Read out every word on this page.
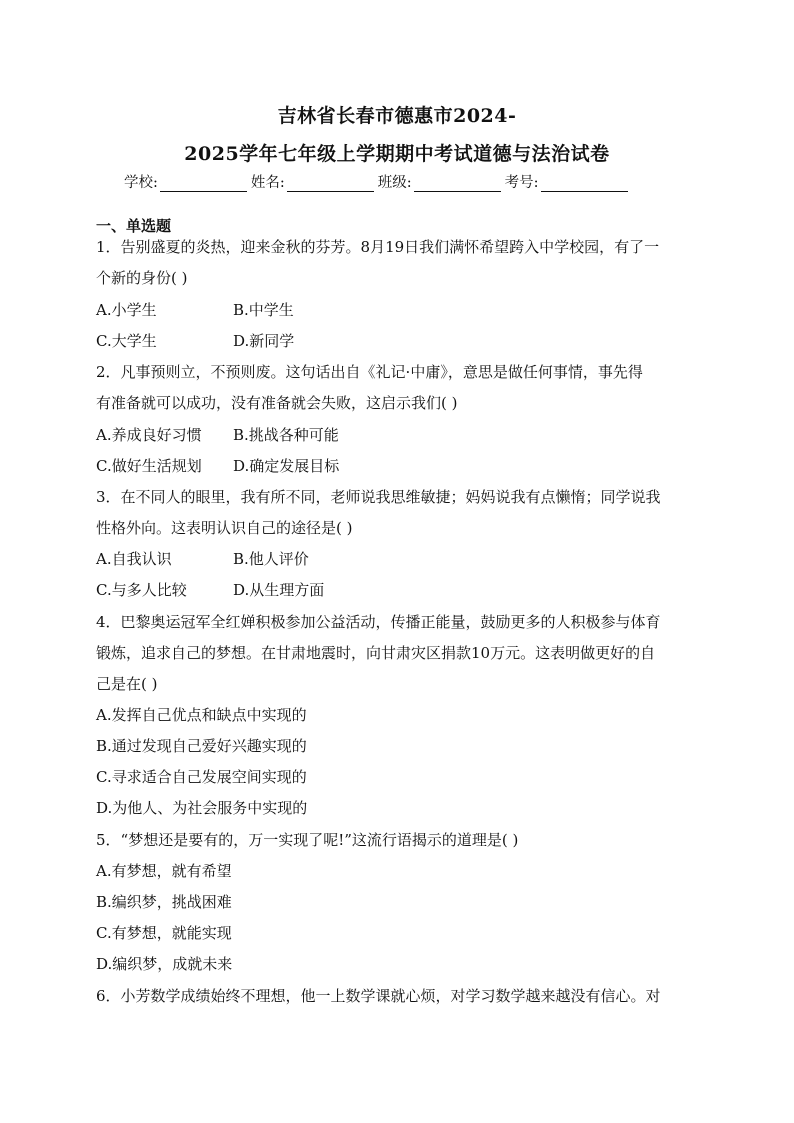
吉林省长春市德惠市2024-
2025学年七年级上学期期中考试道德与法治试卷
学校:	姓名:	班级:	考号:
一、单选题
1．告别盛夏的炎热，迎来金秋的芬芳。8月19日我们满怀希望跨入中学校园，有了一
个新的身份( )
A.小学生	B.中学生
C.大学生	D.新同学
2．凡事预则立，不预则废。这句话出自《礼记·中庸》，意思是做任何事情，事先得
有准备就可以成功，没有准备就会失败，这启示我们( )
A.养成良好习惯 B.挑战各种可能
C.做好生活规划 D.确定发展目标
3．在不同人的眼里，我有所不同，老师说我思维敏捷；妈妈说我有点懒惰；同学说我
性格外向。这表明认识自己的途径是( )
A.自我认识	B.他人评价
C.与多人比较	D.从生理方面
4．巴黎奥运冠军全红婵积极参加公益活动，传播正能量，鼓励更多的人积极参与体育
锻炼，追求自己的梦想。在甘肃地震时，向甘肃灾区捐款10万元。这表明做更好的自
己是在( )
A.发挥自己优点和缺点中实现的
B.通过发现自己爱好兴趣实现的
C.寻求适合自己发展空间实现的
D.为他人、为社会服务中实现的
5．“梦想还是要有的，万一实现了呢!”这流行语揭示的道理是( )
A.有梦想，就有希望
B.编织梦，挑战困难
C.有梦想，就能实现
D.编织梦，成就未来
6．小芳数学成绩始终不理想，他一上数学课就心烦，对学习数学越来越没有信心。对
